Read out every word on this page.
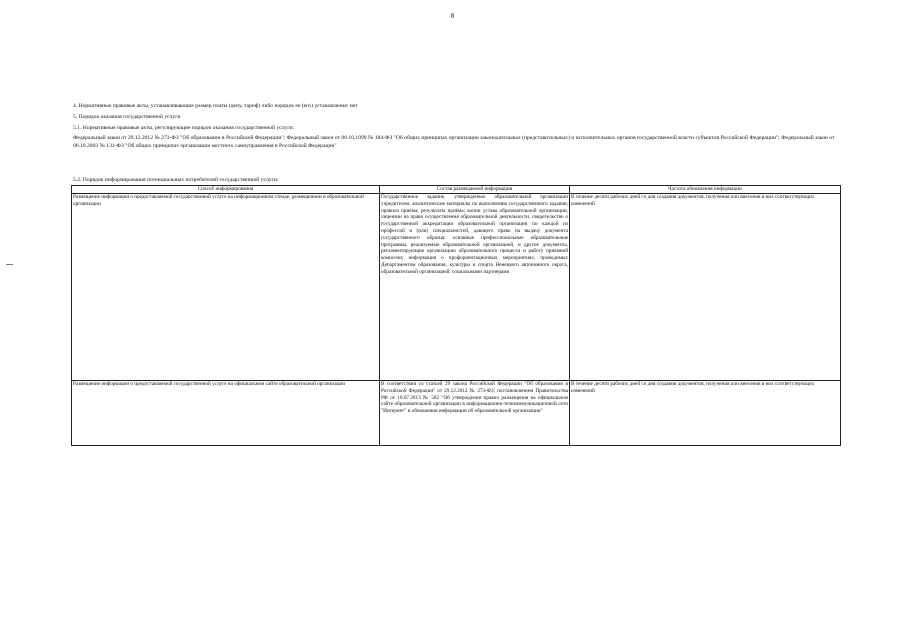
8
4. Нормативные правовые акты, устанавливающие размер платы (цену, тариф) либо порядок ее (его) установления: нет
5. Порядок оказания государственной услуги
5.1. Нормативные правовые акты, регулирующие порядок оказания государственной услуги:
Федеральный закон от 29.12.2012 № 273-ФЗ "Об образовании в Российской Федерации"; Федеральный закон от 06.10.1999 № 184-ФЗ "Об общих принципах организации законодательных (представительных) и исполнительных органов государственной власти субъектов Российской Федерации"; Федеральный закон от 06.10.2003 № 131-ФЗ "Об общих принципах организации местного самоуправления в Российской Федерации"
5.2. Порядок информирования потенциальных потребителей государственной услуги:
Способ информирования	Состав размещаемой информации	Частота обновления информации
Размещение информации о предоставляемой государственной услуге на информационном стенде, размещенном в образовательной организации	Государственное задание, утвержденное образовательной организации учредителем, аналитические материалы по выполнению государственного задания; правила приёма; результаты приёма; копии устава образовательной организации, лицензии на право осуществления образовательной деятельности, свидетельство о государственной аккредитации образовательной организации по каждой из профессий и (или) специальностей, дающего право на выдачу документа государственного образца; основные профессиональные образовательные программы, реализуемые образовательной организацией, и другие документы, регламентирующие организацию образовательного процесса и работу приемной комиссии; информация о профориентационных мероприятиях, проводимых Департаментом образования, культуры и спорта Ненецкого автономного округа, образовательной организацией, социальными партнерами	В течение десяти рабочих дней со дня создания документов, получения или внесения в них соответствующих изменений
Размещение информации о предоставляемой государственной услуге на официальном сайте образовательной организации	В соответствии со статьей 29 закона Российской Федерации "Об образовании в Российской Федерации" от 29.12.2012 № 273-ФЗ; постановлением Правительства РФ от 10.07.2013 № 582 "Об утверждении правил размещения на официальном сайте образовательной организации в информационно-телекоммуникационной сети "Интернет" и обновления информации об образовательной организации"	В течение десяти рабочих дней со дня создания документов, получения или внесения в них соответствующих изменений
